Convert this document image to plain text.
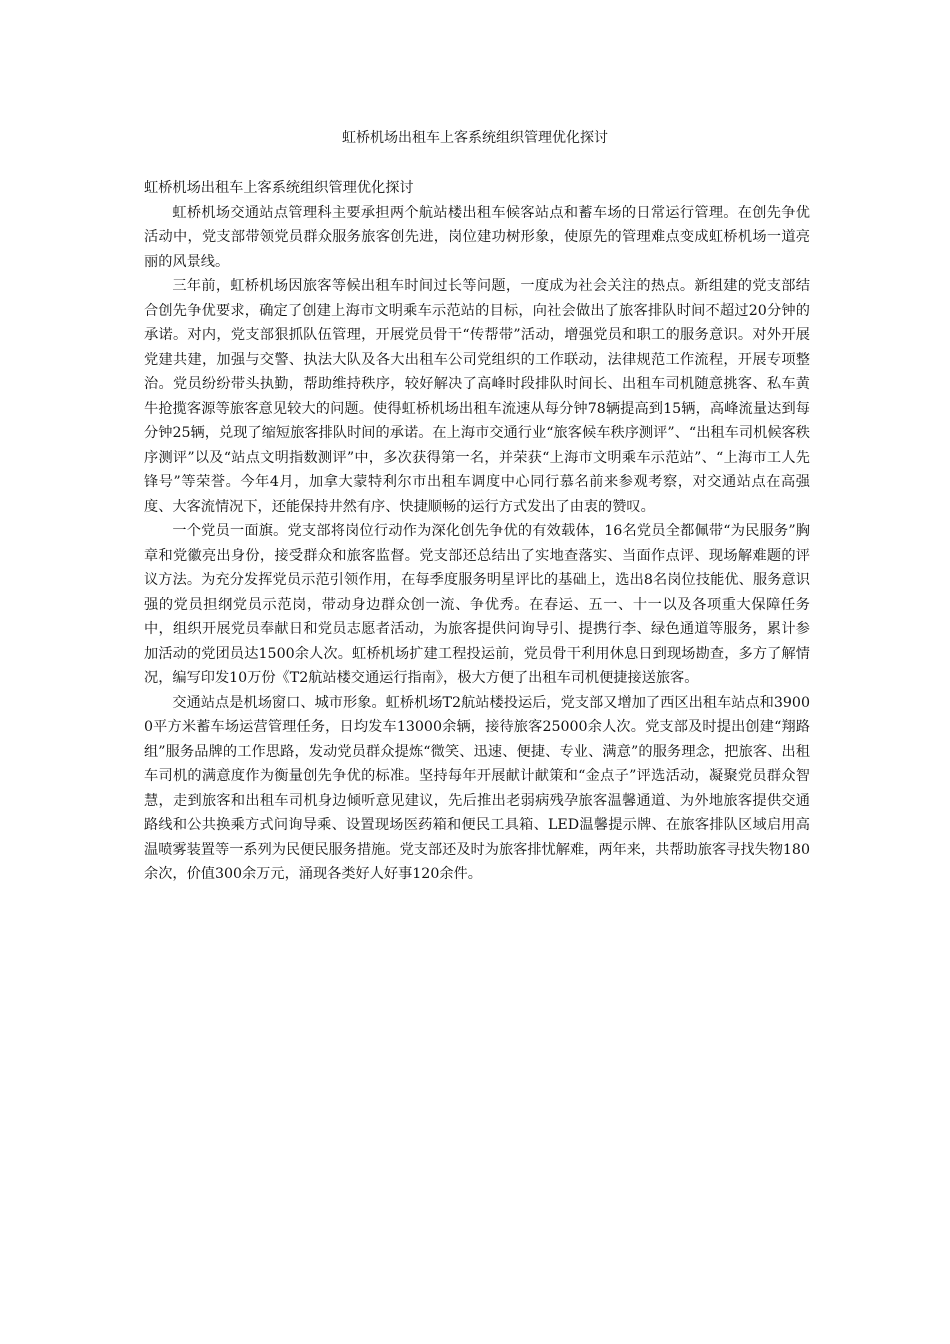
虹桥机场出租车上客系统组织管理优化探讨

虹桥机场出租车上客系统组织管理优化探讨

虹桥机场交通站点管理科主要承担两个航站楼出租车候客站点和蓄车场的日常运行管理。在创先争优活动中，党支部带领党员群众服务旅客创先进，岗位建功树形象，使原先的管理难点变成虹桥机场一道亮丽的风景线。

三年前，虹桥机场因旅客等候出租车时间过长等问题，一度成为社会关注的热点。新组建的党支部结合创先争优要求，确定了创建上海市文明乘车示范站的目标，向社会做出了旅客排队时间不超过20分钟的承诺。对内，党支部狠抓队伍管理，开展党员骨干“传帮带”活动，增强党员和职工的服务意识。对外开展党建共建，加强与交警、执法大队及各大出租车公司党组织的工作联动，法律规范工作流程，开展专项整治。党员纷纷带头执勤，帮助维持秩序，较好解决了高峰时段排队时间长、出租车司机随意挑客、私车黄牛抢揽客源等旅客意见较大的问题。使得虹桥机场出租车流速从每分钟78辆提高到15辆，高峰流量达到每分钟25辆，兑现了缩短旅客排队时间的承诺。在上海市交通行业“旅客候车秩序测评”、“出租车司机候客秩序测评”以及“站点文明指数测评”中，多次获得第一名，并荣获“上海市文明乘车示范站”、“上海市工人先锋号”等荣誉。今年4月，加拿大蒙特利尔市出租车调度中心同行慕名前来参观考察，对交通站点在高强度、大客流情况下，还能保持井然有序、快捷顺畅的运行方式发出了由衷的赞叹。

一个党员一面旗。党支部将岗位行动作为深化创先争优的有效载体，16名党员全都佩带“为民服务”胸章和党徽亮出身份，接受群众和旅客监督。党支部还总结出了实地查落实、当面作点评、现场解难题的评议方法。为充分发挥党员示范引领作用，在每季度服务明星评比的基础上，选出8名岗位技能优、服务意识强的党员担纲党员示范岗，带动身边群众创一流、争优秀。在春运、五一、十一以及各项重大保障任务中，组织开展党员奉献日和党员志愿者活动，为旅客提供问询导引、提携行李、绿色通道等服务，累计参加活动的党团员达1500余人次。虹桥机场扩建工程投运前，党员骨干利用休息日到现场勘查，多方了解情况，编写印发10万份《T2航站楼交通运行指南》，极大方便了出租车司机便捷接送旅客。

交通站点是机场窗口、城市形象。虹桥机场T2航站楼投运后，党支部又增加了西区出租车站点和39000平方米蓄车场运营管理任务，日均发车13000余辆，接待旅客25000余人次。党支部及时提出创建“翔路组”服务品牌的工作思路，发动党员群众提炼“微笑、迅速、便捷、专业、满意”的服务理念，把旅客、出租车司机的满意度作为衡量创先争优的标准。坚持每年开展献计献策和“金点子”评选活动，凝聚党员群众智慧，走到旅客和出租车司机身边倾听意见建议，先后推出老弱病残孕旅客温馨通道、为外地旅客提供交通路线和公共换乘方式问询导乘、设置现场医药箱和便民工具箱、LED温馨提示牌、在旅客排队区域启用高温喷雾装置等一系列为民便民服务措施。党支部还及时为旅客排忧解难，两年来，共帮助旅客寻找失物180余次，价值300余万元，涌现各类好人好事120余件。
